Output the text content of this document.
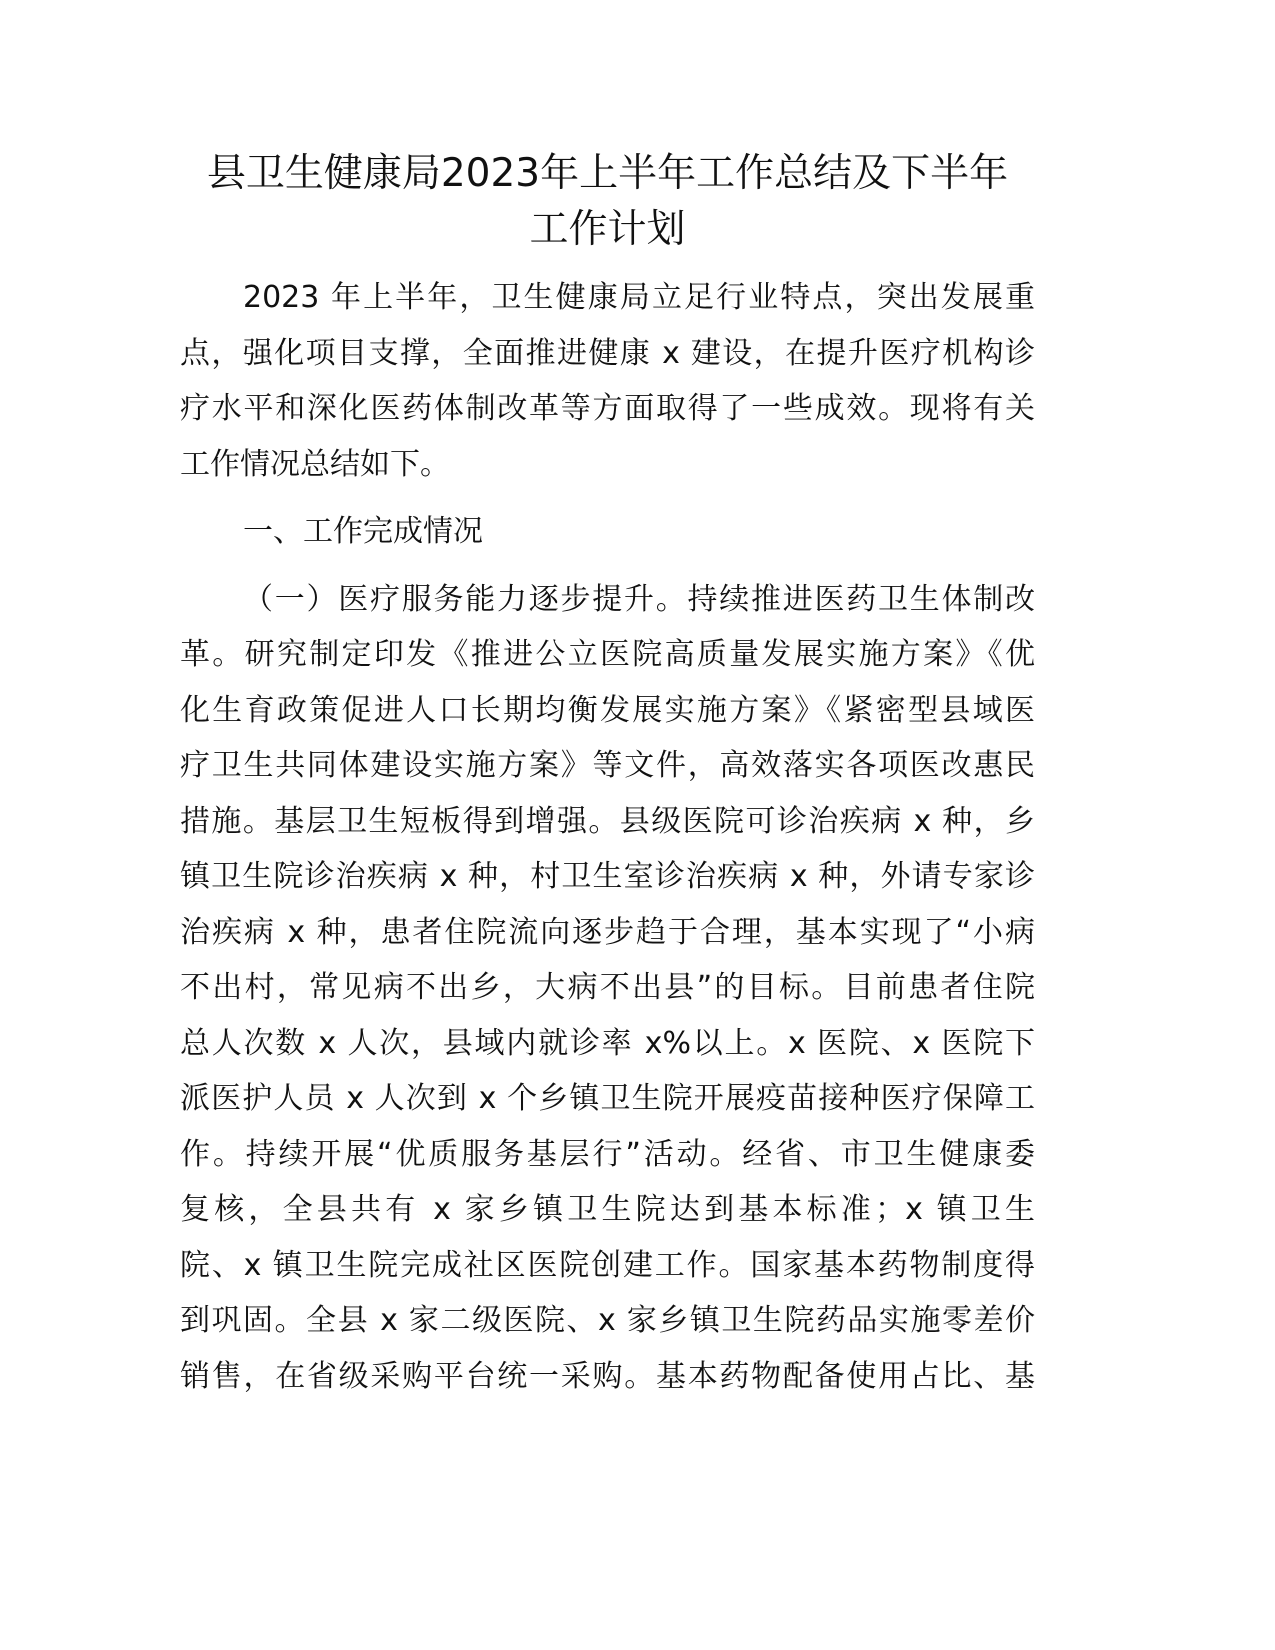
县卫生健康局2023年上半年工作总结及下半年
工作计划
2023 年上半年，卫生健康局立足行业特点，突出发展重
点，强化项目支撑，全面推进健康 x 建设，在提升医疗机构诊
疗水平和深化医药体制改革等方面取得了一些成效。现将有关
工作情况总结如下。
一、工作完成情况
（一）医疗服务能力逐步提升。持续推进医药卫生体制改
革。研究制定印发《推进公立医院高质量发展实施方案》《优
化生育政策促进人口长期均衡发展实施方案》《紧密型县域医
疗卫生共同体建设实施方案》等文件，高效落实各项医改惠民
措施。基层卫生短板得到增强。县级医院可诊治疾病 x 种，乡
镇卫生院诊治疾病 x 种，村卫生室诊治疾病 x 种，外请专家诊
治疾病 x 种，患者住院流向逐步趋于合理，基本实现了“小病
不出村，常见病不出乡，大病不出县”的目标。目前患者住院
总人次数 x 人次，县域内就诊率 x%以上。x 医院、x 医院下
派医护人员 x 人次到 x 个乡镇卫生院开展疫苗接种医疗保障工
作。持续开展“优质服务基层行”活动。经省、市卫生健康委
复核，全县共有 x 家乡镇卫生院达到基本标准；x 镇卫生
院、x 镇卫生院完成社区医院创建工作。国家基本药物制度得
到巩固。全县 x 家二级医院、x 家乡镇卫生院药品实施零差价
销售，在省级采购平台统一采购。基本药物配备使用占比、基
